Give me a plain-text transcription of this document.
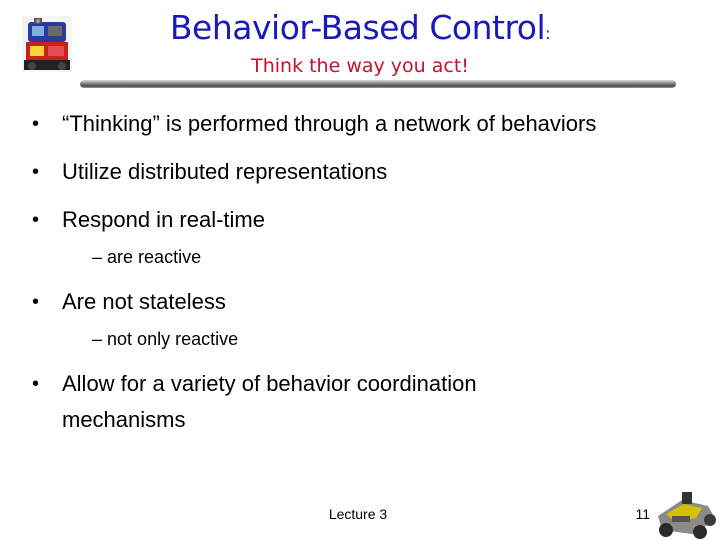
Behavior-Based Control:
Think the way you act!

• “Thinking” is performed through a network of behaviors

• Utilize distributed representations

• Respond in real-time

– are reactive

• Are not stateless

– not only reactive

• Allow for a variety of behavior coordination mechanisms

Lecture 3	11
